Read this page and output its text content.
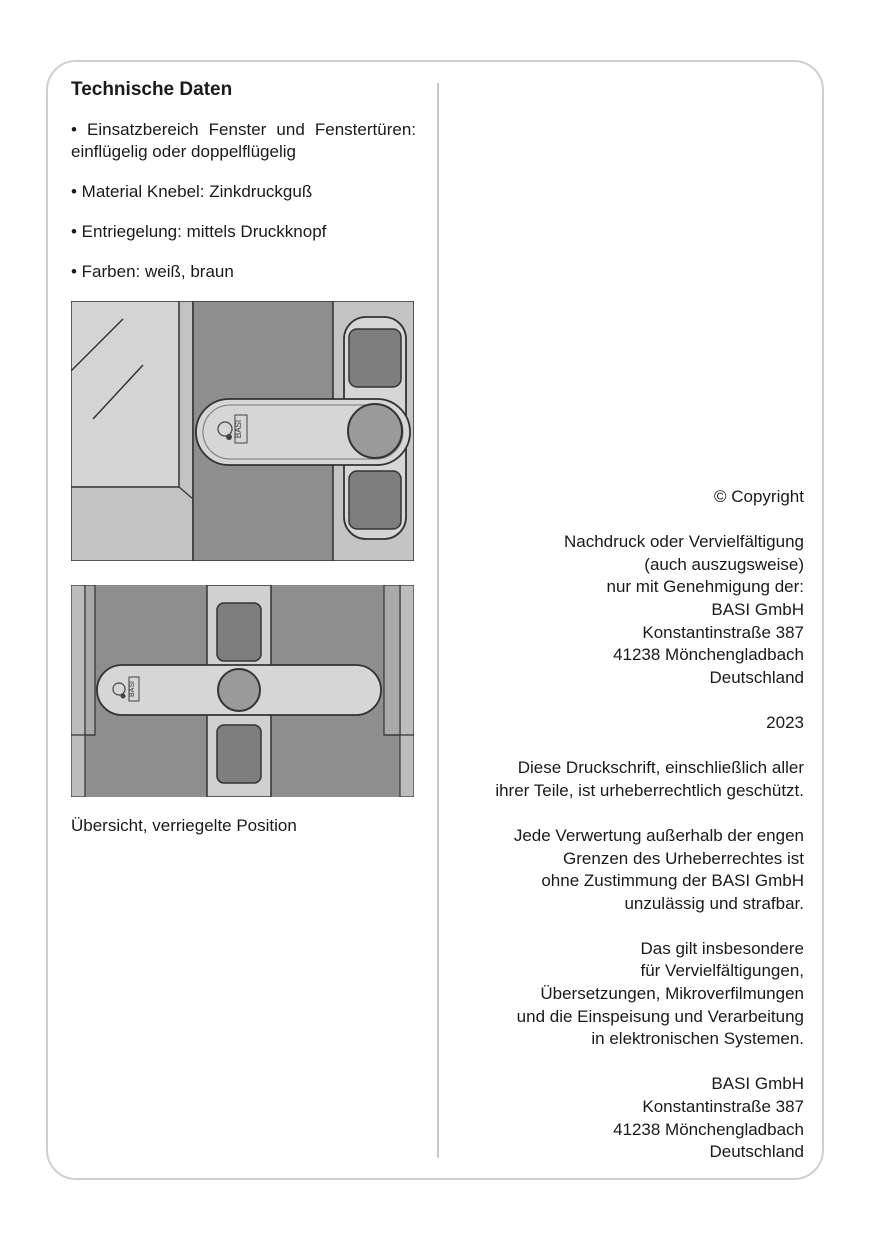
Technische Daten
• Einsatzbereich Fenster und Fenstertüren: einflügelig oder doppelflügelig
• Material Knebel: Zinkdruckguß
• Entriegelung: mittels Druckknopf
• Farben: weiß, braun
BASI
BASI
Übersicht, verriegelte Position

© Copyright

Nachdruck oder Vervielfältigung
(auch auszugsweise)
nur mit Genehmigung der:
BASI GmbH
Konstantinstraße 387
41238 Mönchengladbach
Deutschland

2023

Diese Druckschrift, einschließlich aller
ihrer Teile, ist urheberrechtlich geschützt.

Jede Verwertung außerhalb der engen
Grenzen des Urheberrechtes ist
ohne Zustimmung der BASI GmbH
unzulässig und strafbar.

Das gilt insbesondere
für Vervielfältigungen,
Übersetzungen, Mikroverfilmungen
und die Einspeisung und Verarbeitung
in elektronischen Systemen.

BASI GmbH
Konstantinstraße 387
41238 Mönchengladbach
Deutschland
